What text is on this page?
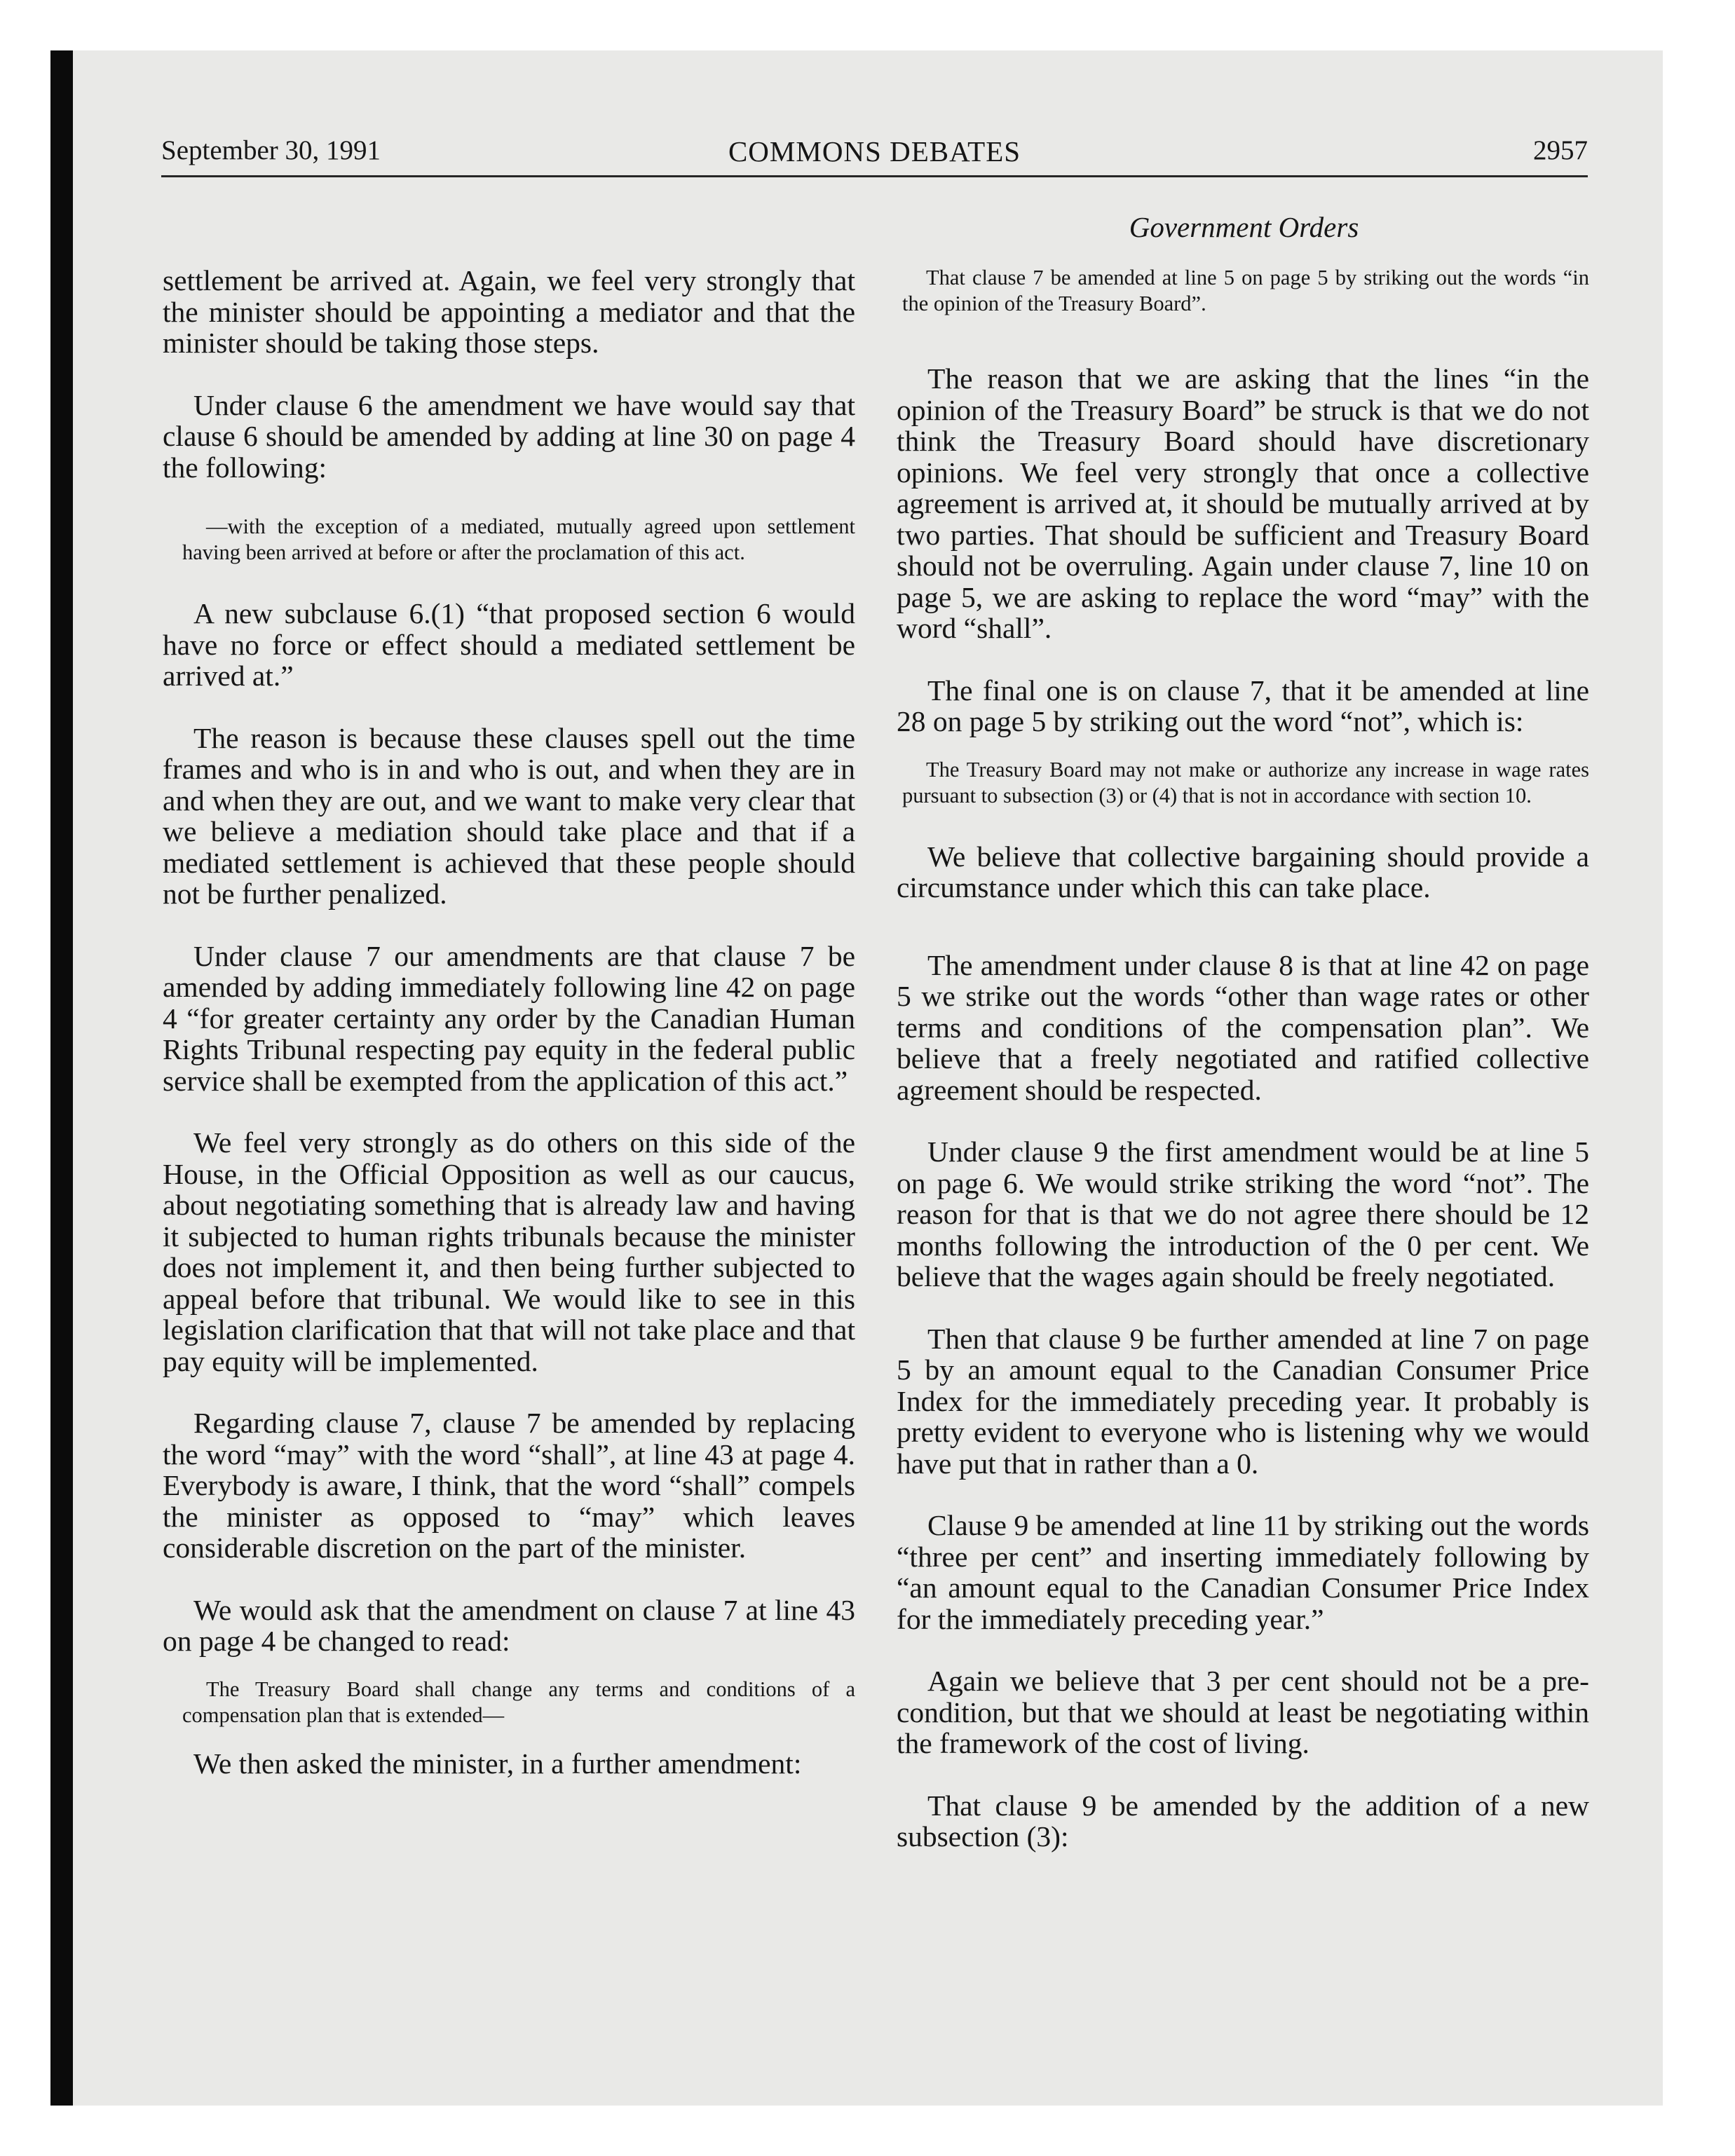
September 30, 1991	COMMONS DEBATES	2957
Government Orders

settlement be arrived at. Again, we feel very strongly that the minister should be appointing a mediator and that the minister should be taking those steps.

Under clause 6 the amendment we have would say that clause 6 should be amended by adding at line 30 on page 4 the following:

—with the exception of a mediated, mutually agreed upon settlement having been arrived at before or after the proclamation of this act.

A new subclause 6.(1) “that proposed section 6 would have no force or effect should a mediated settlement be arrived at.”

The reason is because these clauses spell out the time frames and who is in and who is out, and when they are in and when they are out, and we want to make very clear that we believe a mediation should take place and that if a mediated settlement is achieved that these people should not be further penalized.

Under clause 7 our amendments are that clause 7 be amended by adding immediately following line 42 on page 4 “for greater certainty any order by the Canadian Human Rights Tribunal respecting pay equity in the federal public service shall be exempted from the application of this act.”

We feel very strongly as do others on this side of the House, in the Official Opposition as well as our caucus, about negotiating something that is already law and having it subjected to human rights tribunals because the minister does not implement it, and then being further subjected to appeal before that tribunal. We would like to see in this legislation clarification that that will not take place and that pay equity will be implemented.

Regarding clause 7, clause 7 be amended by replacing the word “may” with the word “shall”, at line 43 at page 4. Everybody is aware, I think, that the word “shall” compels the minister as opposed to “may” which leaves considerable discretion on the part of the minister.

We would ask that the amendment on clause 7 at line 43 on page 4 be changed to read:

The Treasury Board shall change any terms and conditions of a compensation plan that is extended—

We then asked the minister, in a further amendment:

That clause 7 be amended at line 5 on page 5 by striking out the words “in the opinion of the Treasury Board”.

The reason that we are asking that the lines “in the opinion of the Treasury Board” be struck is that we do not think the Treasury Board should have discretionary opinions. We feel very strongly that once a collective agreement is arrived at, it should be mutually arrived at by two parties. That should be sufficient and Treasury Board should not be overruling. Again under clause 7, line 10 on page 5, we are asking to replace the word “may” with the word “shall”.

The final one is on clause 7, that it be amended at line 28 on page 5 by striking out the word “not”, which is:

The Treasury Board may not make or authorize any increase in wage rates pursuant to subsection (3) or (4) that is not in accordance with section 10.

We believe that collective bargaining should provide a circumstance under which this can take place.

The amendment under clause 8 is that at line 42 on page 5 we strike out the words “other than wage rates or other terms and conditions of the compensation plan”. We believe that a freely negotiated and ratified collective agreement should be respected.

Under clause 9 the first amendment would be at line 5 on page 6. We would strike striking the word “not”. The reason for that is that we do not agree there should be 12 months following the introduction of the 0 per cent. We believe that the wages again should be freely negotiated.

Then that clause 9 be further amended at line 7 on page 5 by an amount equal to the Canadian Consumer Price Index for the immediately preceding year. It probably is pretty evident to everyone who is listening why we would have put that in rather than a 0.

Clause 9 be amended at line 11 by striking out the words “three per cent” and inserting immediately following by “an amount equal to the Canadian Consumer Price Index for the immediately preceding year.”

Again we believe that 3 per cent should not be a pre-condition, but that we should at least be negotiating within the framework of the cost of living.

That clause 9 be amended by the addition of a new subsection (3):
